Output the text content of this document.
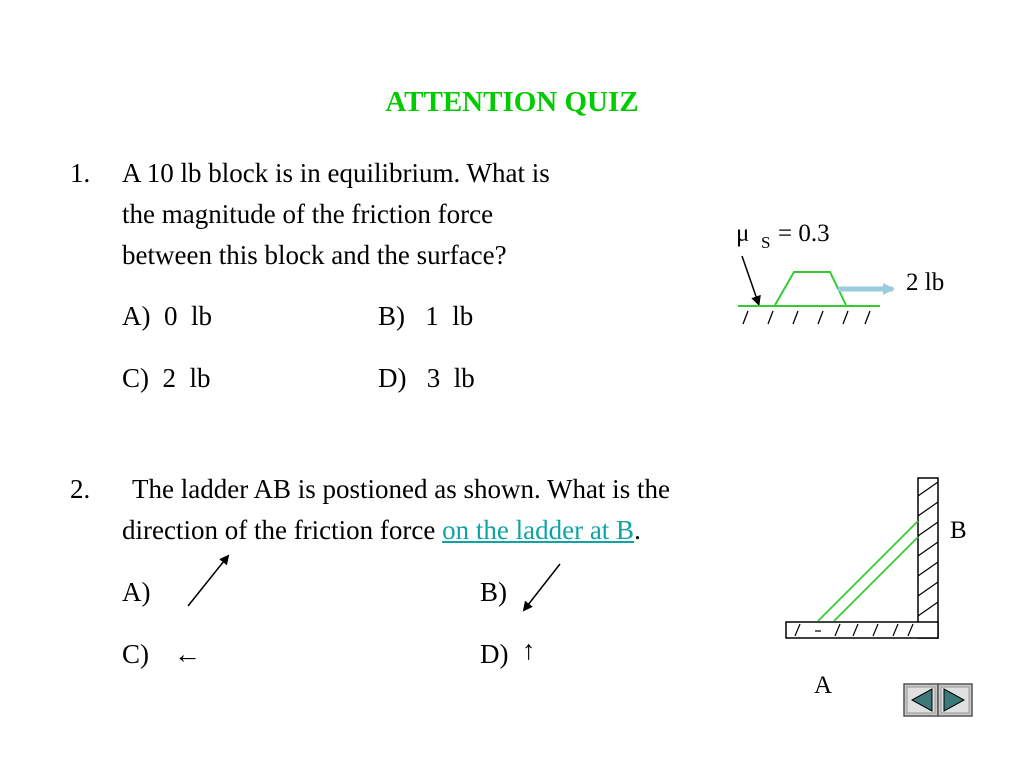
ATTENTION QUIZ
1. A 10 lb block is in equilibrium. What is
the magnitude of the friction force
between this block and the surface?
A)  0  lb	B)   1  lb
C)  2  lb	D)   3  lb
2. The ladder AB is postioned as shown. What is the
direction of the friction force on the ladder at B.
A)	B)
C) ←	D) ↑
μ S = 0.3
2 lb
B
A
